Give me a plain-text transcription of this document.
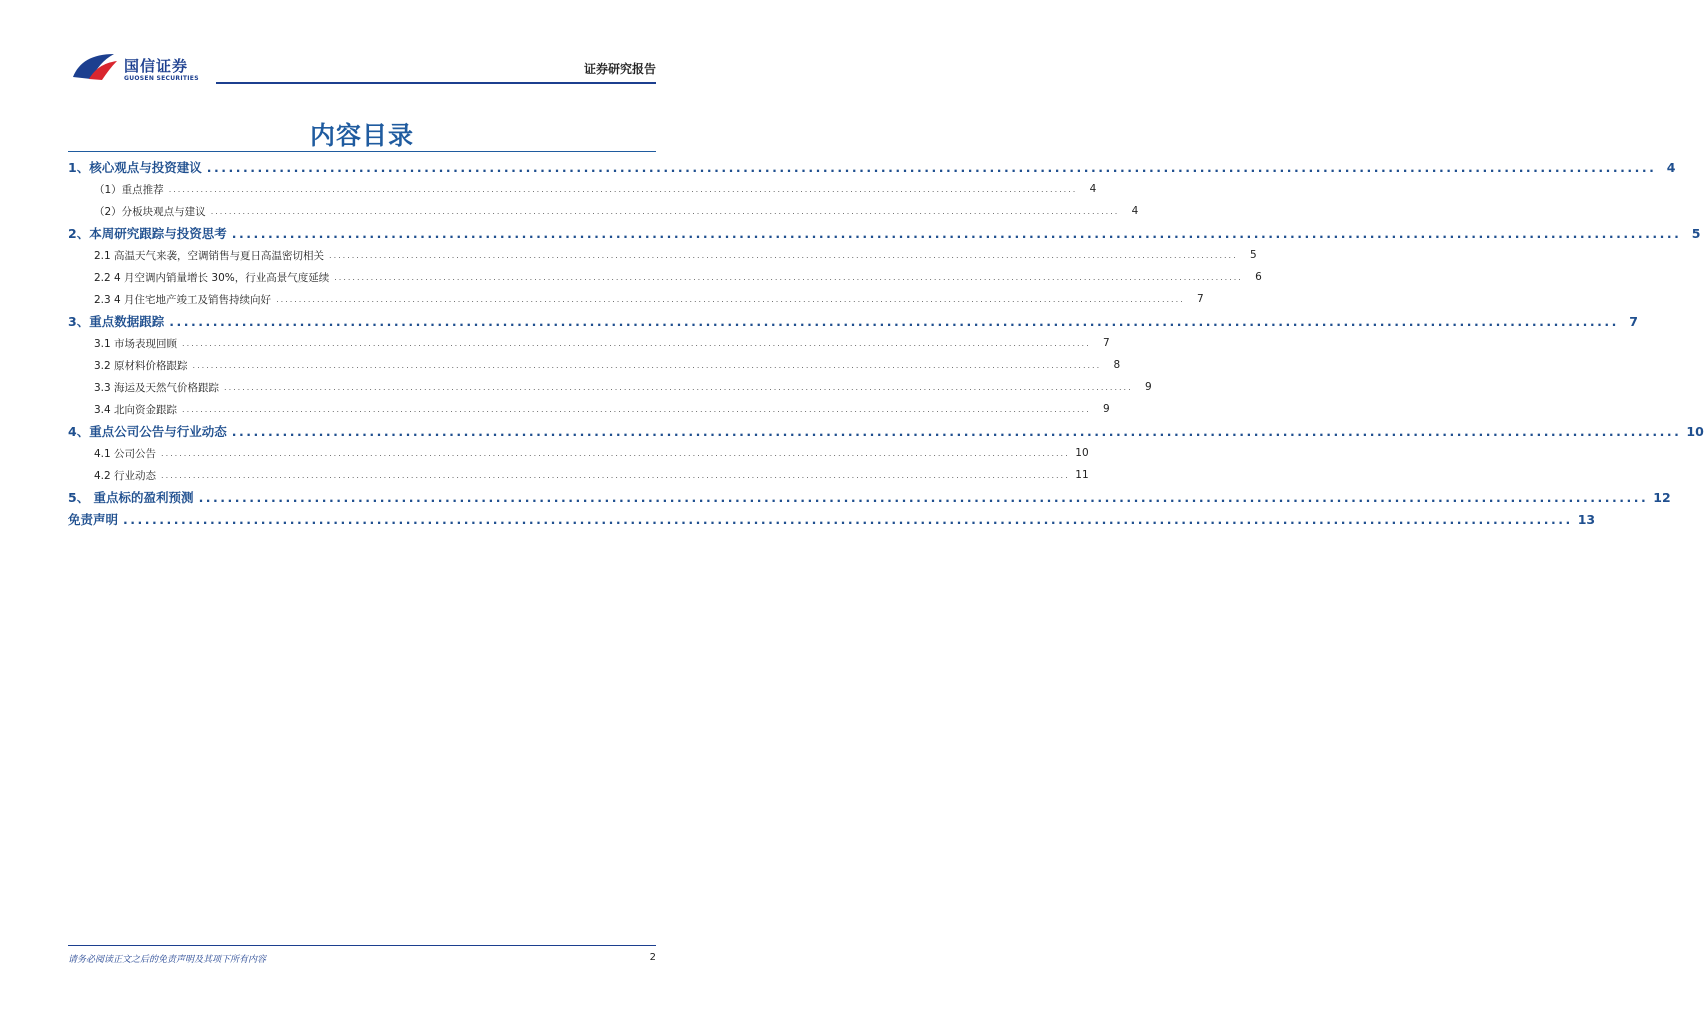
国信证券
GUOSEN SECURITIES
证券研究报告
内容目录
1、核心观点与投资建议 ........................................................................................................................................................................................................ 4
（1）重点推荐 ........................................................................................................................................................................................................	4
（2）分板块观点与建议 ........................................................................................................................................................................................................	4
2、本周研究跟踪与投资思考 ........................................................................................................................................................................................................ 5
2.1 高温天气来袭，空调销售与夏日高温密切相关 ........................................................................................................................................................................................................	5
2.2 4 月空调内销量增长 30%，行业高景气度延续 ........................................................................................................................................................................................................	6
2.3 4 月住宅地产竣工及销售持续向好 ........................................................................................................................................................................................................	7
3、重点数据跟踪 ........................................................................................................................................................................................................ 7
3.1 市场表现回顾 ........................................................................................................................................................................................................	7
3.2 原材料价格跟踪 ........................................................................................................................................................................................................	8
3.3 海运及天然气价格跟踪 ........................................................................................................................................................................................................	9
3.4 北向资金跟踪 ........................................................................................................................................................................................................	9
4、重点公司公告与行业动态 ........................................................................................................................................................................................................ 10
4.1 公司公告 ........................................................................................................................................................................................................ 10
4.2 行业动态 ........................................................................................................................................................................................................ 11
5、 重点标的盈利预测 ........................................................................................................................................................................................................ 12
免责声明 ........................................................................................................................................................................................................ 13
请务必阅读正文之后的免责声明及其项下所有内容	2
